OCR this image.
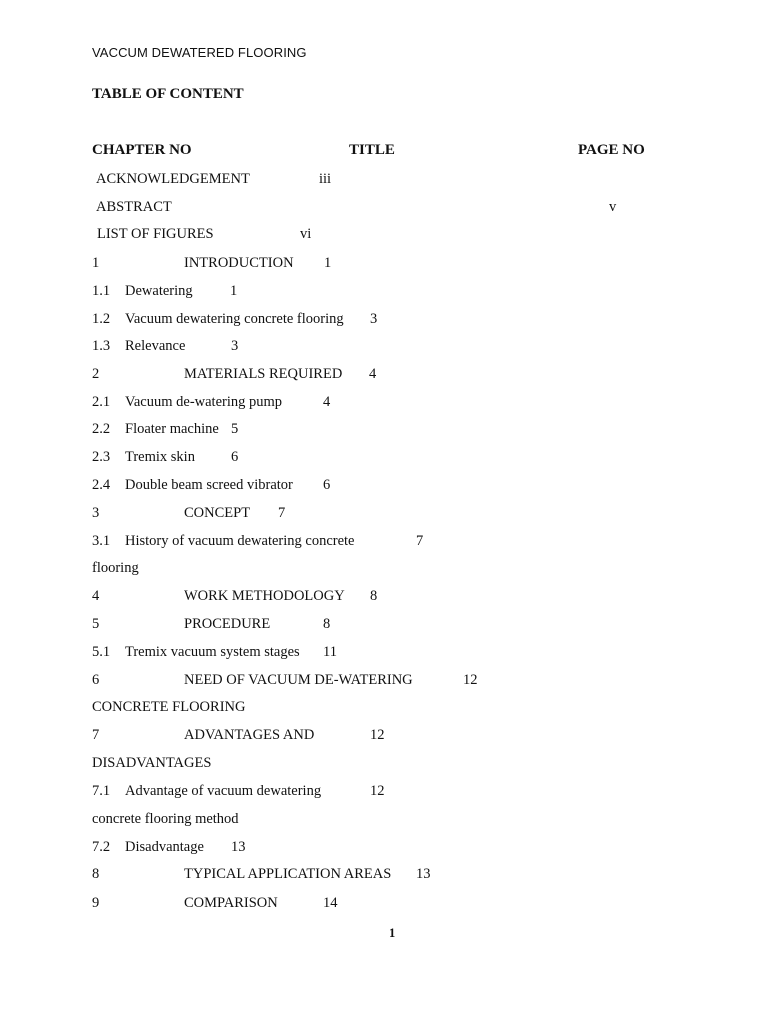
VACCUM DEWATERED FLOORING
TABLE OF CONTENT
CHAPTER NO	TITLE	PAGE NO
ACKNOWLEDGEMENT	iii
ABSTRACT	v
LIST OF FIGURES	vi
1	INTRODUCTION 1
1.1 Dewatering	1
1.2 Vacuum dewatering concrete flooring 3
1.3 Relevance	3
2	MATERIALS REQUIRED 4
2.1 Vacuum de-watering pump	4
2.2 Floater machine 5
2.3 Tremix skin 6
2.4 Double beam screed vibrator 6
3	CONCEPT 7
3.1 History of vacuum dewatering concrete	7
flooring
4	WORK METHODOLOGY 8
5	PROCEDURE	8
5.1 Tremix vacuum system stages 11
6	NEED OF VACUUM DE-WATERING	12
CONCRETE FLOORING
7	ADVANTAGES AND	12
DISADVANTAGES
7.1 Advantage of vacuum dewatering	12
concrete flooring method
7.2 Disadvantage 13
8	TYPICAL APPLICATION AREAS 13
9	COMPARISON	14
1
